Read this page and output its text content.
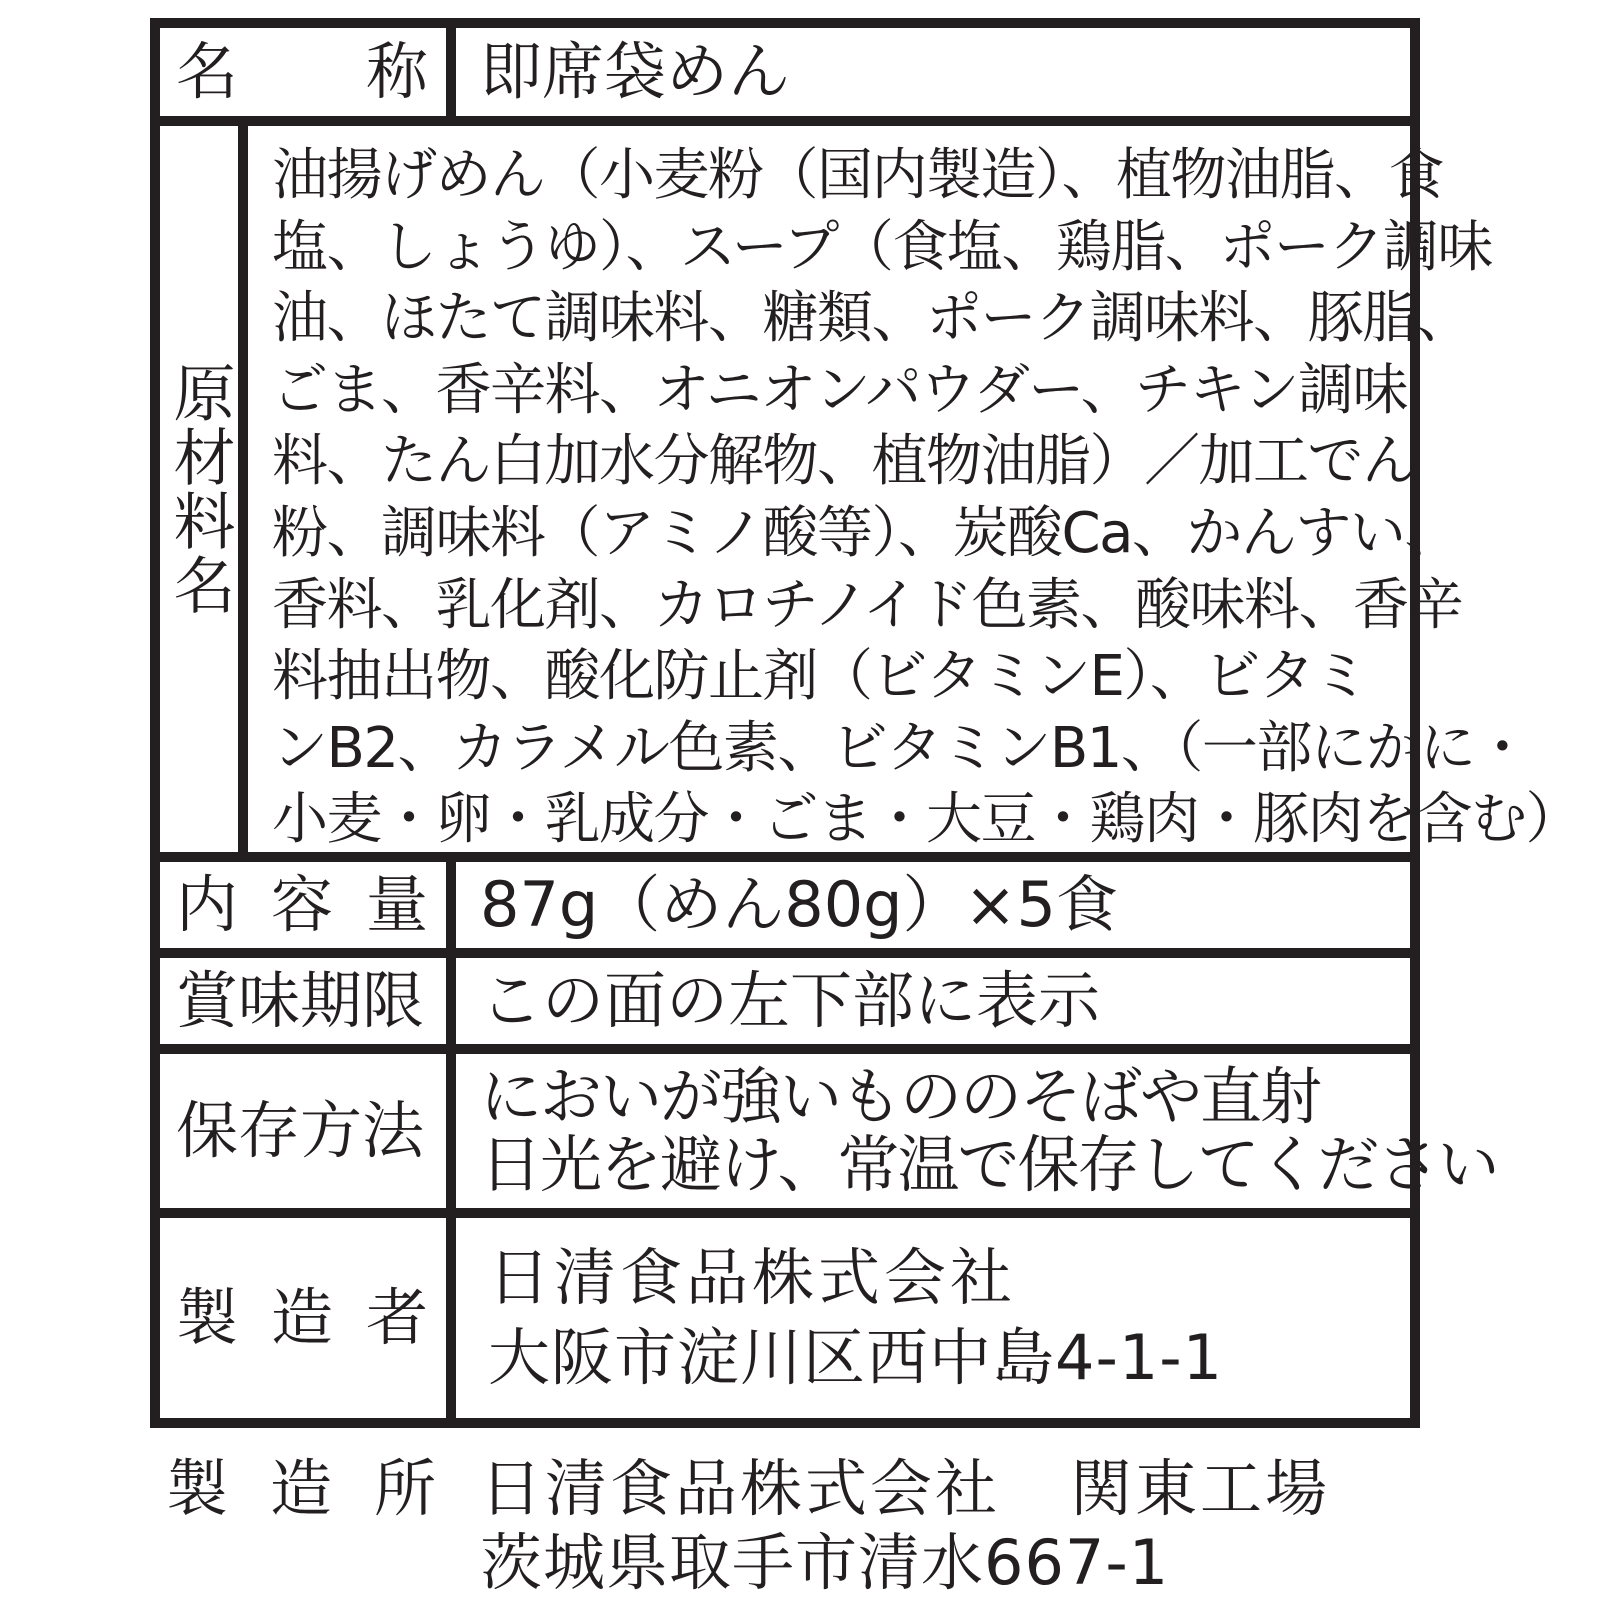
名 称 即席袋めん
原材料名
油揚げめん（小麦粉（国内製造）、植物油脂、食
塩、しょうゆ）、スープ（食塩、鶏脂、ポーク調味
油、ほたて調味料、糖類、ポーク調味料、豚脂、
ごま、香辛料、オニオンパウダー、チキン調味
料、たん白加水分解物、植物油脂）／加工でん
粉、調味料（アミノ酸等）、炭酸Ca、かんすい、
香料、乳化剤、カロチノイド色素、酸味料、香辛
料抽出物、酸化防止剤（ビタミンE）、ビタミ
ンB2、カラメル色素、ビタミンB1、（一部にかに・
小麦・卵・乳成分・ごま・大豆・鶏肉・豚肉を含む）
内 容 量 87g（めん80g）×5食
賞味期限 この面の左下部に表示
保存方法 においが強いもののそばや直射
日光を避け、常温で保存してください
製 造 者
日清食品株式会社
大阪市淀川区西中島4-1-1
製 造 所 日清食品株式会社 関東工場
茨城県取手市清水667-1
